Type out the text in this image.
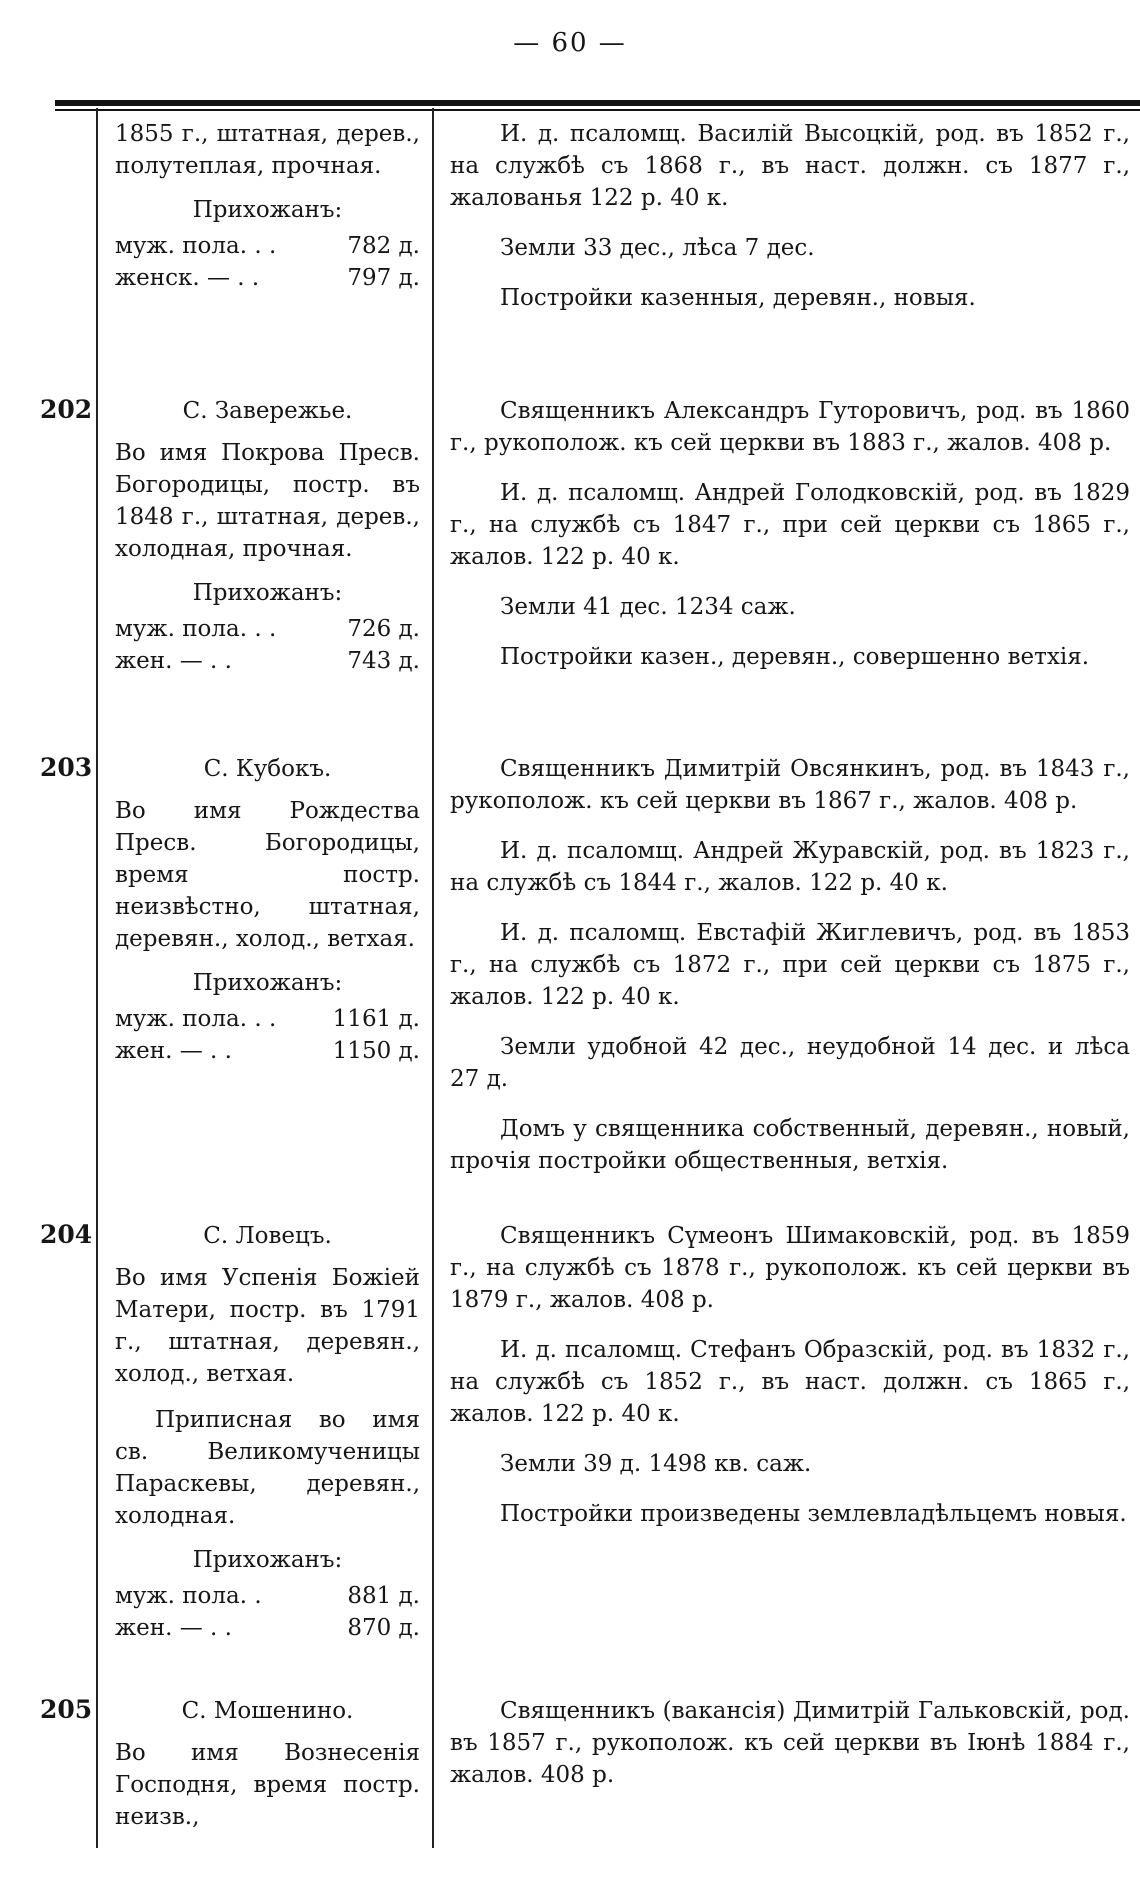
— 60 —
1855 г., штатная, дерев., полутеплая, прочная.
Прихожанъ:
муж. пола. . .	782 д.
женск. — . .	797 д.

И. д. псаломщ. Василій Высоцкій, род. въ 1852 г., на службѣ съ 1868 г., въ наст. должн. съ 1877 г., жалованья 122 р. 40 к.

Земли 33 дес., лѣса 7 дес.

Постройки казенныя, деревян., новыя.

202	С. Завережье.
Во имя Покрова Пресв. Богородицы, постр. въ 1848 г., штатная, дерев., холодная, прочная.
Прихожанъ:
муж. пола. . .	726 д.
жен. — . .	743 д.

Священникъ Александръ Гуторовичъ, род. въ 1860 г., рукополож. къ сей церкви въ 1883 г., жалов. 408 р.

И. д. псаломщ. Андрей Голодковскій, род. въ 1829 г., на службѣ съ 1847 г., при сей церкви съ 1865 г., жалов. 122 р. 40 к.

Земли 41 дес. 1234 саж.

Постройки казен., деревян., совершенно ветхія.

203	С. Кубокъ.
Во имя Рождества Пресв. Богородицы, время постр. неизвѣстно, штатная, деревян., холод., ветхая.
Прихожанъ:
муж. пола. . . 1161 д.
жен. — . .	1150 д.

Священникъ Димитрій Овсянкинъ, род. въ 1843 г., рукополож. къ сей церкви въ 1867 г., жалов. 408 р.

И. д. псаломщ. Андрей Журавскій, род. въ 1823 г., на службѣ съ 1844 г., жалов. 122 р. 40 к.

И. д. псаломщ. Евстафій Жиглевичъ, род. въ 1853 г., на службѣ съ 1872 г., при сей церкви съ 1875 г., жалов. 122 р. 40 к.

Земли удобной 42 дес., неудобной 14 дес. и лѣса 27 д.

Домъ у священника собственный, деревян., новый, прочія постройки общественныя, ветхія.

204	С. Ловецъ.
Во имя Успенія Божіей Матери, постр. въ 1791 г., штатная, деревян., холод., ветхая.
Приписная во имя св. Великомученицы Параскевы, деревян., холодная.
Прихожанъ:
муж. пола. .	881 д.
жен. — . .	870 д.

Священникъ Сүмеонъ Шимаковскій, род. въ 1859 г., на службѣ съ 1878 г., рукополож. къ сей церкви въ 1879 г., жалов. 408 р.

И. д. псаломщ. Стефанъ Образскій, род. въ 1832 г., на службѣ съ 1852 г., въ наст. должн. съ 1865 г., жалов. 122 р. 40 к.

Земли 39 д. 1498 кв. саж.

Постройки произведены землевладѣльцемъ новыя.

205	С. Мошенино.
Во имя Вознесенія Господня, время постр. неизв.,

Священникъ (вакансія) Димитрій Гальковскій, род. въ 1857 г., рукополож. къ сей церкви въ Іюнѣ 1884 г., жалов. 408 р.
